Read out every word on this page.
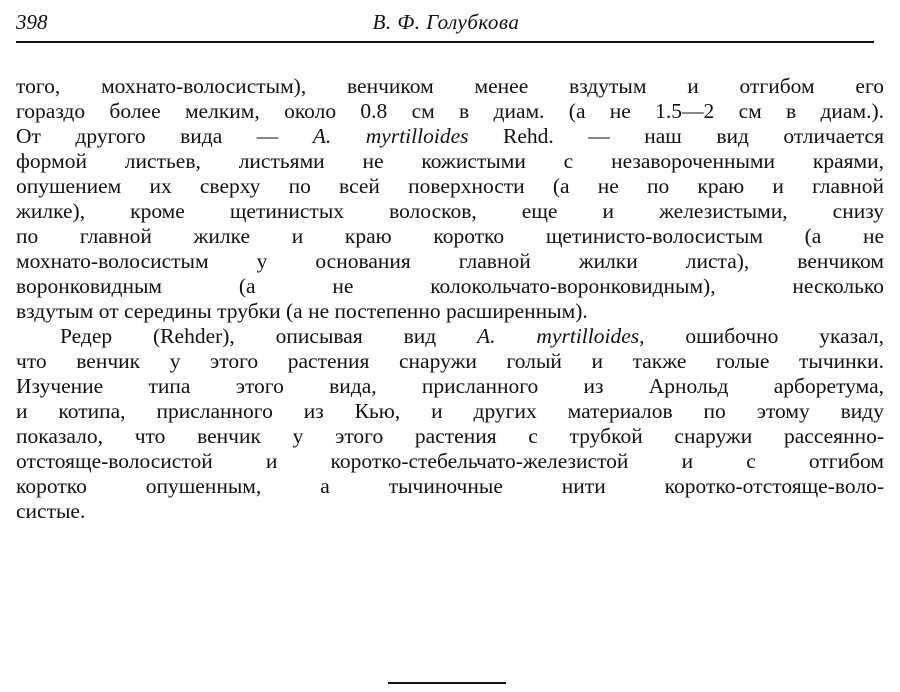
398	В. Ф. Голубкова

того, мохнато-волосистым), венчиком менее вздутым и отгибом его
гораздо более мелким, около 0.8 см в диам. (а не 1.5—2 см в диам.).
От другого вида — A. myrtilloides Rehd. — наш вид отличается
формой листьев, листьями не кожистыми с незавороченными краями,
опушением их сверху по всей поверхности (а не по краю и главной
жилке), кроме щетинистых волосков, еще и железистыми, снизу
по главной жилке и краю коротко щетинисто-волосистым (а не
мохнато-волосистым у основания главной жилки листа), венчиком
воронковидным (а не колокольчато-воронковидным), несколько
вздутым от середины трубки (а не постепенно расширенным).

Редер (Rehder), описывая вид A. myrtilloides, ошибочно указал,
что венчик у этого растения снаружи голый и также голые тычинки.
Изучение типа этого вида, присланного из Арнольд арборетума,
и котипа, присланного из Кью, и других материалов по этому виду
показало, что венчик у этого растения с трубкой снаружи рассеянно-
отстояще-волосистой и коротко-стебельчато-железистой и с отгибом
коротко опушенным, а тычиночные нити коротко-отстояще-воло-
систые.
